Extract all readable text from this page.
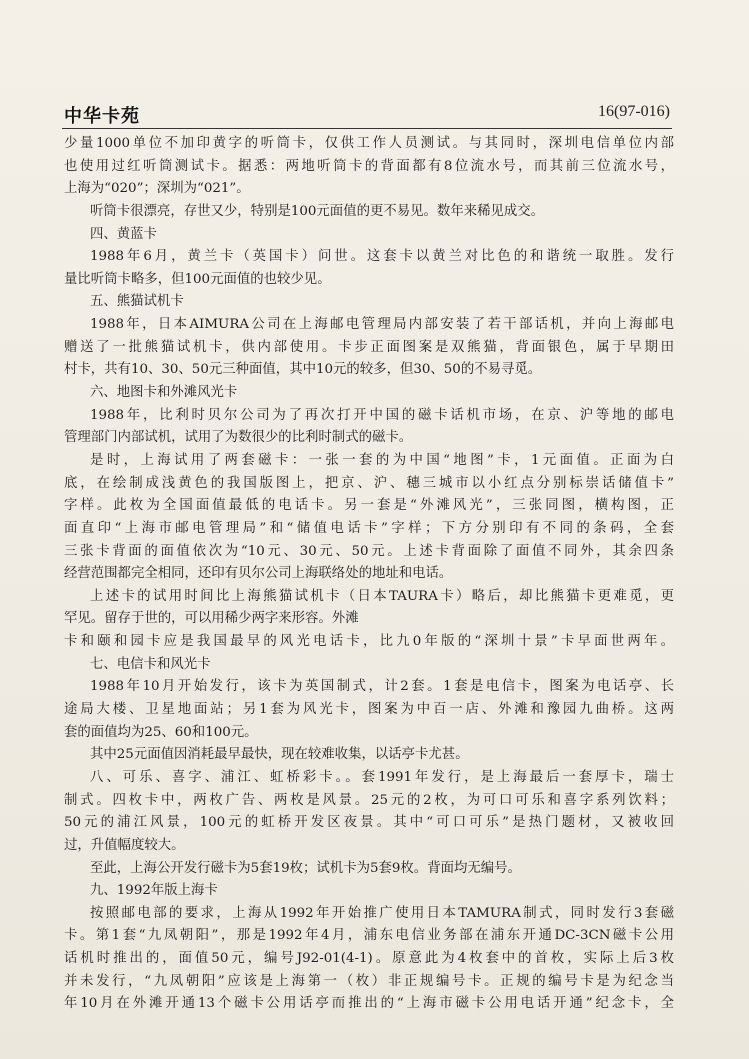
中华卡苑	16(97-016)
少量1000单位不加印黄字的听筒卡，仅供工作人员测试。与其同时，深圳电信单位内部
也使用过红听筒测试卡。据悉：两地听筒卡的背面都有8位流水号，而其前三位流水号，
上海为“020”；深圳为“021”。
听筒卡很漂亮，存世又少，特别是100元面值的更不易见。数年来稀见成交。
四、黄蓝卡
1988年6月，黄兰卡（英国卡）问世。这套卡以黄兰对比色的和谐统一取胜。发行
量比听筒卡略多，但100元面值的也较少见。
五、熊猫试机卡
1988年，日本AIMURA公司在上海邮电管理局内部安装了若干部话机，并向上海邮电
赠送了一批熊猫试机卡，供内部使用。卡步正面图案是双熊猫，背面银色，属于早期田
村卡，共有10、30、50元三种面值，其中10元的较多，但30、50的不易寻觅。
六、地图卡和外滩风光卡
1988年，比利时贝尔公司为了再次打开中国的磁卡话机市场，在京、沪等地的邮电
管理部门内部试机，试用了为数很少的比利时制式的磁卡。
是时，上海试用了两套磁卡：一张一套的为中国“地图”卡，1元面值。正面为白
底，在绘制成浅黄色的我国版图上，把京、沪、穗三城市以小红点分别标崇话储值卡”
字样。此枚为全国面值最低的电话卡。另一套是“外滩风光”，三张同图，横构图，正
面直印“上海市邮电管理局”和“储值电话卡”字样；下方分别印有不同的条码，全套
三张卡背面的面值依次为“10元、30元、50元。上述卡背面除了面值不同外，其余四条
经营范围都完全相同，还印有贝尔公司上海联络处的地址和电话。
上述卡的试用时间比上海熊猫试机卡（日本TAURA卡）略后，却比熊猫卡更难觅，更
罕见。留存于世的，可以用稀少两字来形容。外滩
卡和颐和园卡应是我国最早的风光电话卡，比九0年版的“深圳十景”卡早面世两年。
七、电信卡和风光卡
1988年10月开始发行，该卡为英国制式，计2套。1套是电信卡，图案为电话亭、长
途局大楼、卫星地面站；另1套为风光卡，图案为中百一店、外滩和豫园九曲桥。这两
套的面值均为25、60和100元。
其中25元面值因消耗最早最快，现在较难收集，以话亭卡尤甚。
八、可乐、喜字、浦江、虹桥彩卡。。套1991年发行，是上海最后一套厚卡，瑞士
制式。四枚卡中，两枚广告、两枚是风景。25元的2枚，为可口可乐和喜字系列饮料；
50元的浦江风景，100元的虹桥开发区夜景。其中“可口可乐”是热门题材，又被收回
过，升值幅度较大。
至此，上海公开发行磁卡为5套19枚；试机卡为5套9枚。背面均无编号。
九、1992年版上海卡
按照邮电部的要求，上海从1992年开始推广使用日本TAMURA制式，同时发行3套磁
卡。第1套“九凤朝阳”，那是1992年4月，浦东电信业务部在浦东开通DC-3CN磁卡公用
话机时推出的，面值50元，编号J92-01(4-1)。原意此为4枚套中的首枚，实际上后3枚
并未发行，“九凤朝阳”应该是上海第一（枚）非正规编号卡。正规的编号卡是为纪念当
年10月在外滩开通13个磁卡公用话亭而推出的“上海市磁卡公用电话开通”纪念卡，全
